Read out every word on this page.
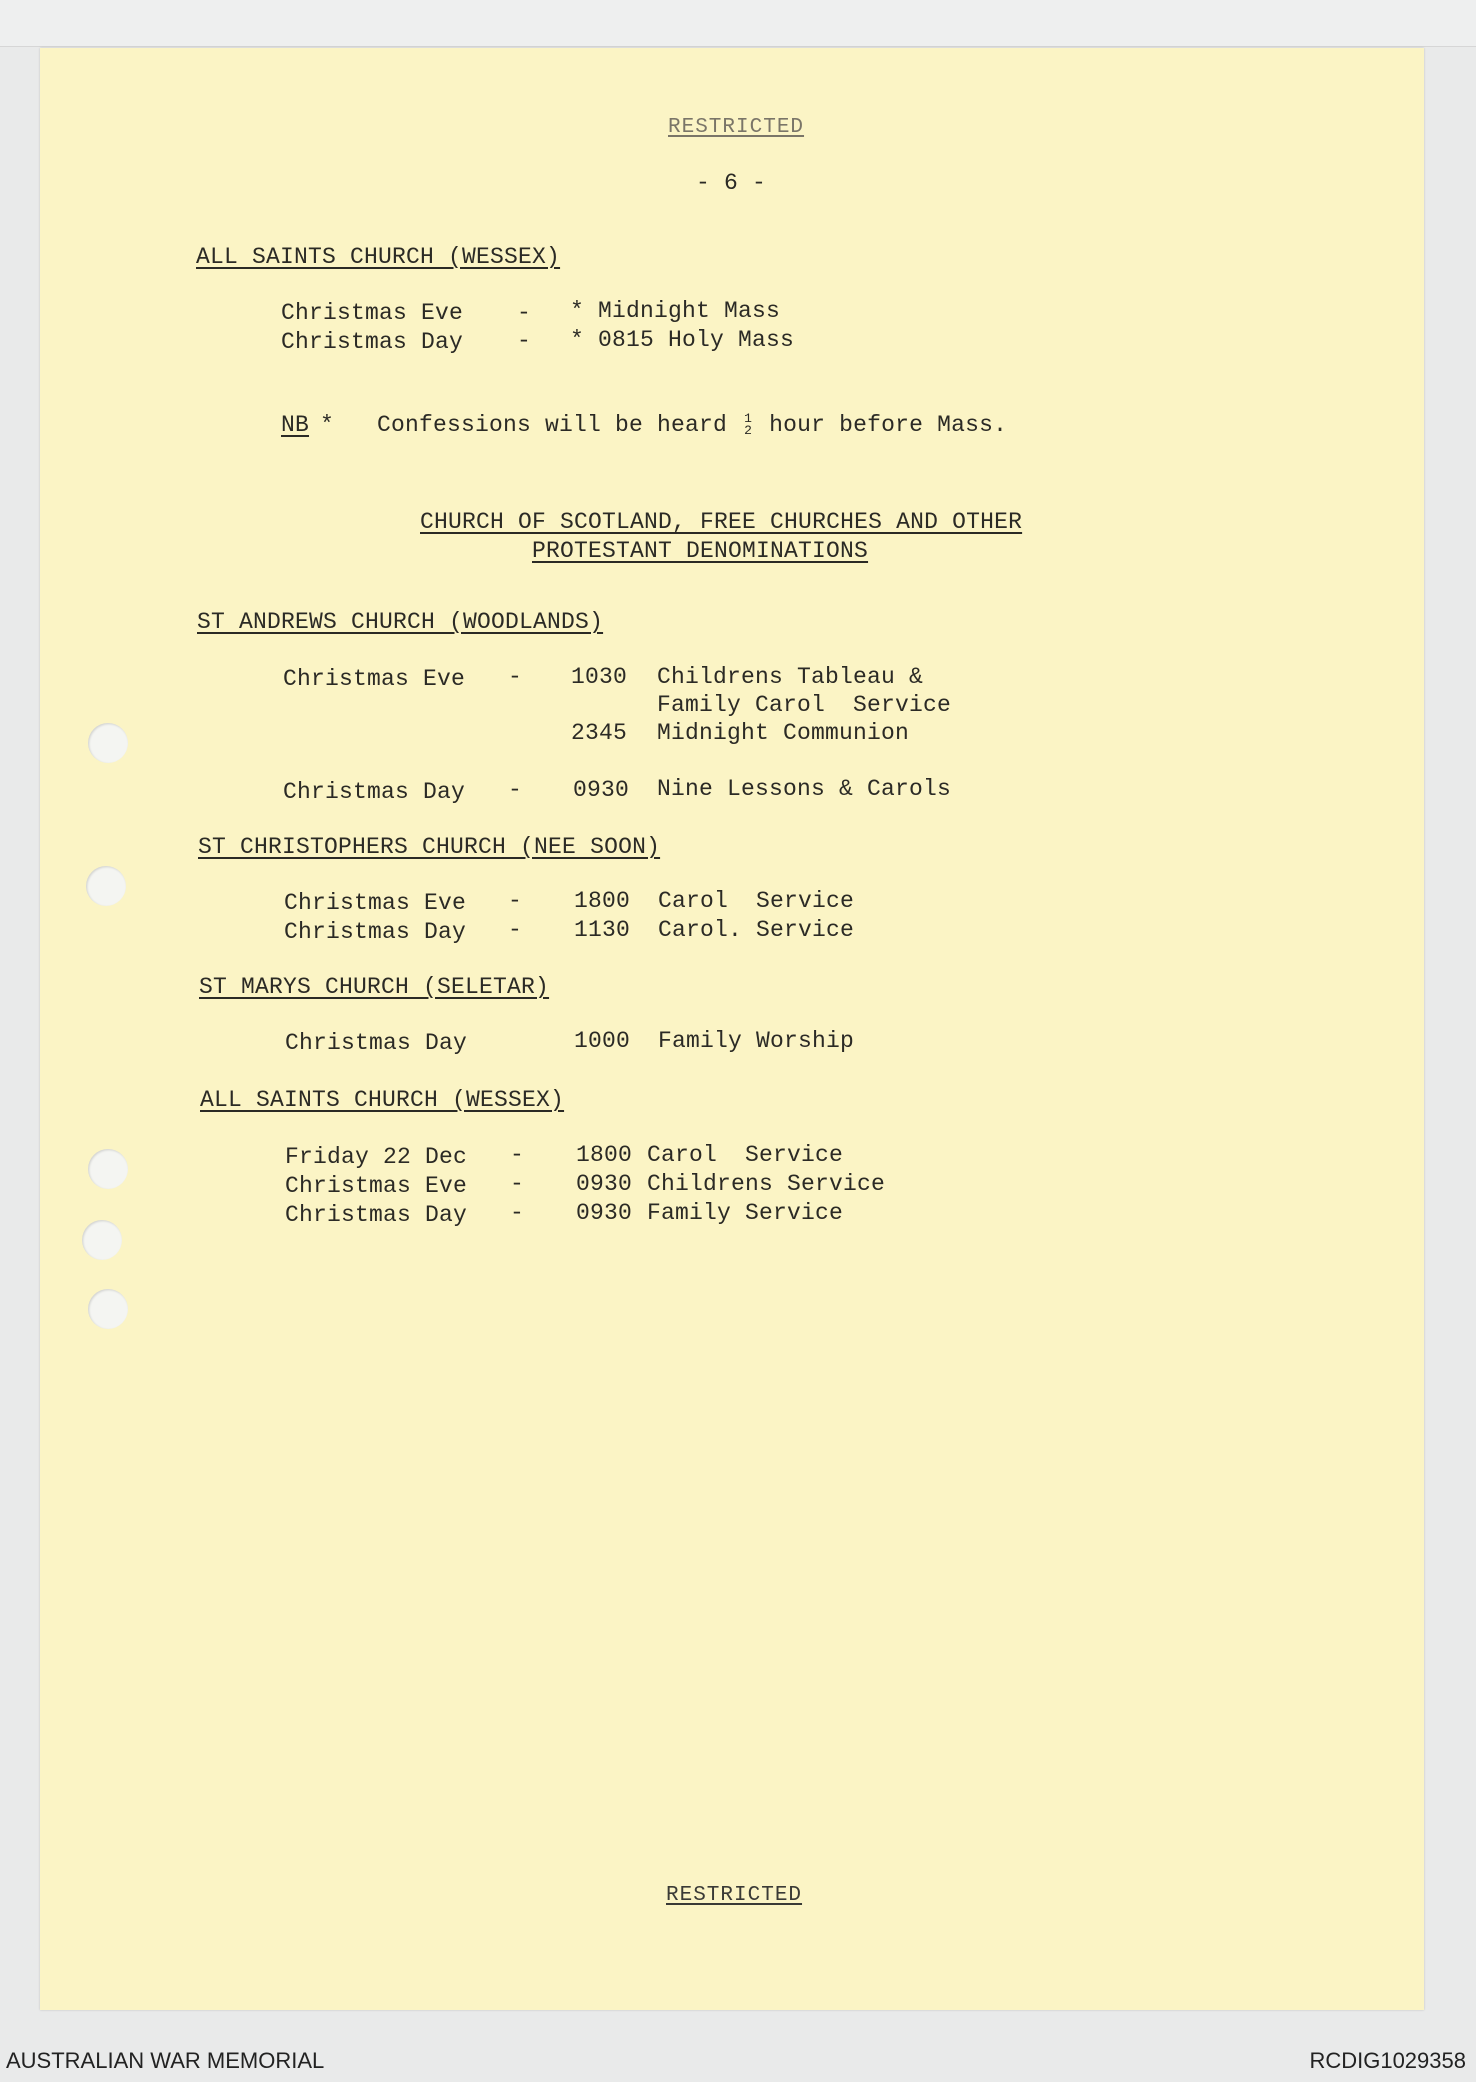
RESTRICTED
- 6 -
ALL SAINTS CHURCH (WESSEX)
Christmas Eve - * Midnight Mass
Christmas Day - * 0815 Holy Mass
NB * Confessions will be heard 1
2 hour before Mass.
CHURCH OF SCOTLAND, FREE CHURCHES AND OTHER
PROTESTANT DENOMINATIONS
ST ANDREWS CHURCH (WOODLANDS)
Christmas Eve - 1030 Childrens Tableau &
Family Carol  Service
2345 Midnight Communion
Christmas Day - 0930 Nine Lessons & Carols
ST CHRISTOPHERS CHURCH (NEE SOON)
Christmas Eve - 1800 Carol  Service
Christmas Day - 1130 Carol. Service
ST MARYS CHURCH (SELETAR)
Christmas Day	1000 Family Worship
ALL SAINTS CHURCH (WESSEX)
Friday 22 Dec - 1800 Carol  Service
Christmas Eve - 0930 Childrens Service
Christmas Day - 0930 Family Service
RESTRICTED
AUSTRALIAN WAR MEMORIAL	RCDIG1029358
